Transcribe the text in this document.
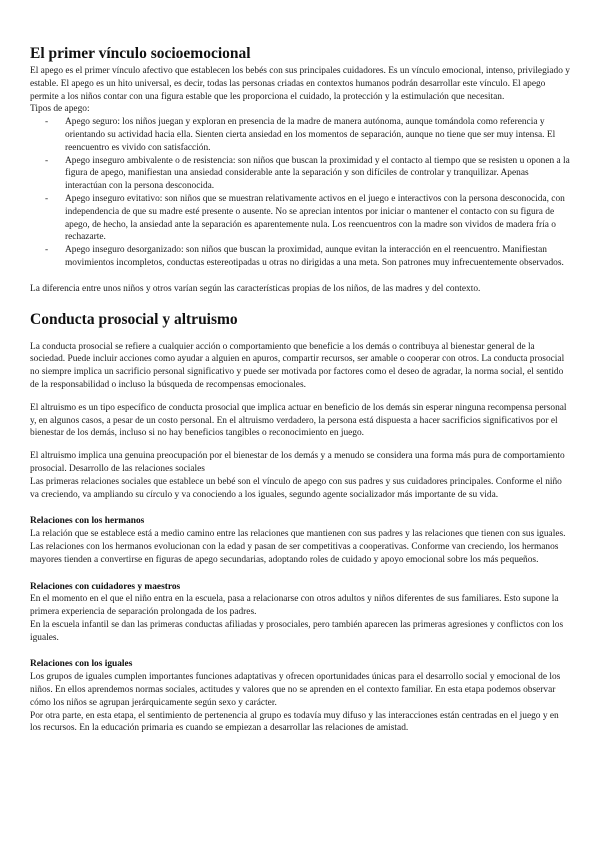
El primer vínculo socioemocional

El apego es el primer vínculo afectivo que establecen los bebés con sus principales cuidadores. Es un vínculo emocional, intenso, privilegiado y estable. El apego es un hito universal, es decir, todas las personas criadas en contextos humanos podrán desarrollar este vínculo. El apego permite a los niños contar con una figura estable que les proporciona el cuidado, la protección y la estimulación que necesitan.

Tipos de apego:

- Apego seguro: los niños juegan y exploran en presencia de la madre de manera autónoma, aunque tomándola como referencia y orientando su actividad hacia ella. Sienten cierta ansiedad en los momentos de separación, aunque no tiene que ser muy intensa. El reencuentro es vivido con satisfacción.
- Apego inseguro ambivalente o de resistencia: son niños que buscan la proximidad y el contacto al tiempo que se resisten u oponen a la figura de apego, manifiestan una ansiedad considerable ante la separación y son difíciles de controlar y tranquilizar. Apenas interactúan con la persona desconocida.
- Apego inseguro evitativo: son niños que se muestran relativamente activos en el juego e interactivos con la persona desconocida, con independencia de que su madre esté presente o ausente. No se aprecian intentos por iniciar o mantener el contacto con su figura de apego, de hecho, la ansiedad ante la separación es aparentemente nula. Los reencuentros con la madre son vividos de madera fría o rechazarte.
- Apego inseguro desorganizado: son niños que buscan la proximidad, aunque evitan la interacción en el reencuentro. Manifiestan movimientos incompletos, conductas estereotipadas u otras no dirigidas a una meta. Son patrones muy infrecuentemente observados.

La diferencia entre unos niños y otros varían según las características propias de los niños, de las madres y del contexto.

Conducta prosocial y altruismo

La conducta prosocial se refiere a cualquier acción o comportamiento que beneficie a los demás o contribuya al bienestar general de la sociedad. Puede incluir acciones como ayudar a alguien en apuros, compartir recursos, ser amable o cooperar con otros. La conducta prosocial no siempre implica un sacrificio personal significativo y puede ser motivada por factores como el deseo de agradar, la norma social, el sentido de la responsabilidad o incluso la búsqueda de recompensas emocionales.

El altruismo es un tipo específico de conducta prosocial que implica actuar en beneficio de los demás sin esperar ninguna recompensa personal y, en algunos casos, a pesar de un costo personal. En el altruismo verdadero, la persona está dispuesta a hacer sacrificios significativos por el bienestar de los demás, incluso si no hay beneficios tangibles o reconocimiento en juego.

El altruismo implica una genuina preocupación por el bienestar de los demás y a menudo se considera una forma más pura de comportamiento prosocial. Desarrollo de las relaciones sociales

Las primeras relaciones sociales que establece un bebé son el vínculo de apego con sus padres y sus cuidadores principales. Conforme el niño va creciendo, va ampliando su círculo y va conociendo a los iguales, segundo agente socializador más importante de su vida.

Relaciones con los hermanos

La relación que se establece está a medio camino entre las relaciones que mantienen con sus padres y las relaciones que tienen con sus iguales.

Las relaciones con los hermanos evolucionan con la edad y pasan de ser competitivas a cooperativas. Conforme van creciendo, los hermanos mayores tienden a convertirse en figuras de apego secundarias, adoptando roles de cuidado y apoyo emocional sobre los más pequeños.

Relaciones con cuidadores y maestros

En el momento en el que el niño entra en la escuela, pasa a relacionarse con otros adultos y niños diferentes de sus familiares. Esto supone la primera experiencia de separación prolongada de los padres.

En la escuela infantil se dan las primeras conductas afiliadas y prosociales, pero también aparecen las primeras agresiones y conflictos con los iguales.

Relaciones con los iguales

Los grupos de iguales cumplen importantes funciones adaptativas y ofrecen oportunidades únicas para el desarrollo social y emocional de los niños. En ellos aprendemos normas sociales, actitudes y valores que no se aprenden en el contexto familiar. En esta etapa podemos observar cómo los niños se agrupan jerárquicamente según sexo y carácter.

Por otra parte, en esta etapa, el sentimiento de pertenencia al grupo es todavía muy difuso y las interacciones están centradas en el juego y en los recursos. En la educación primaria es cuando se empiezan a desarrollar las relaciones de amistad.
